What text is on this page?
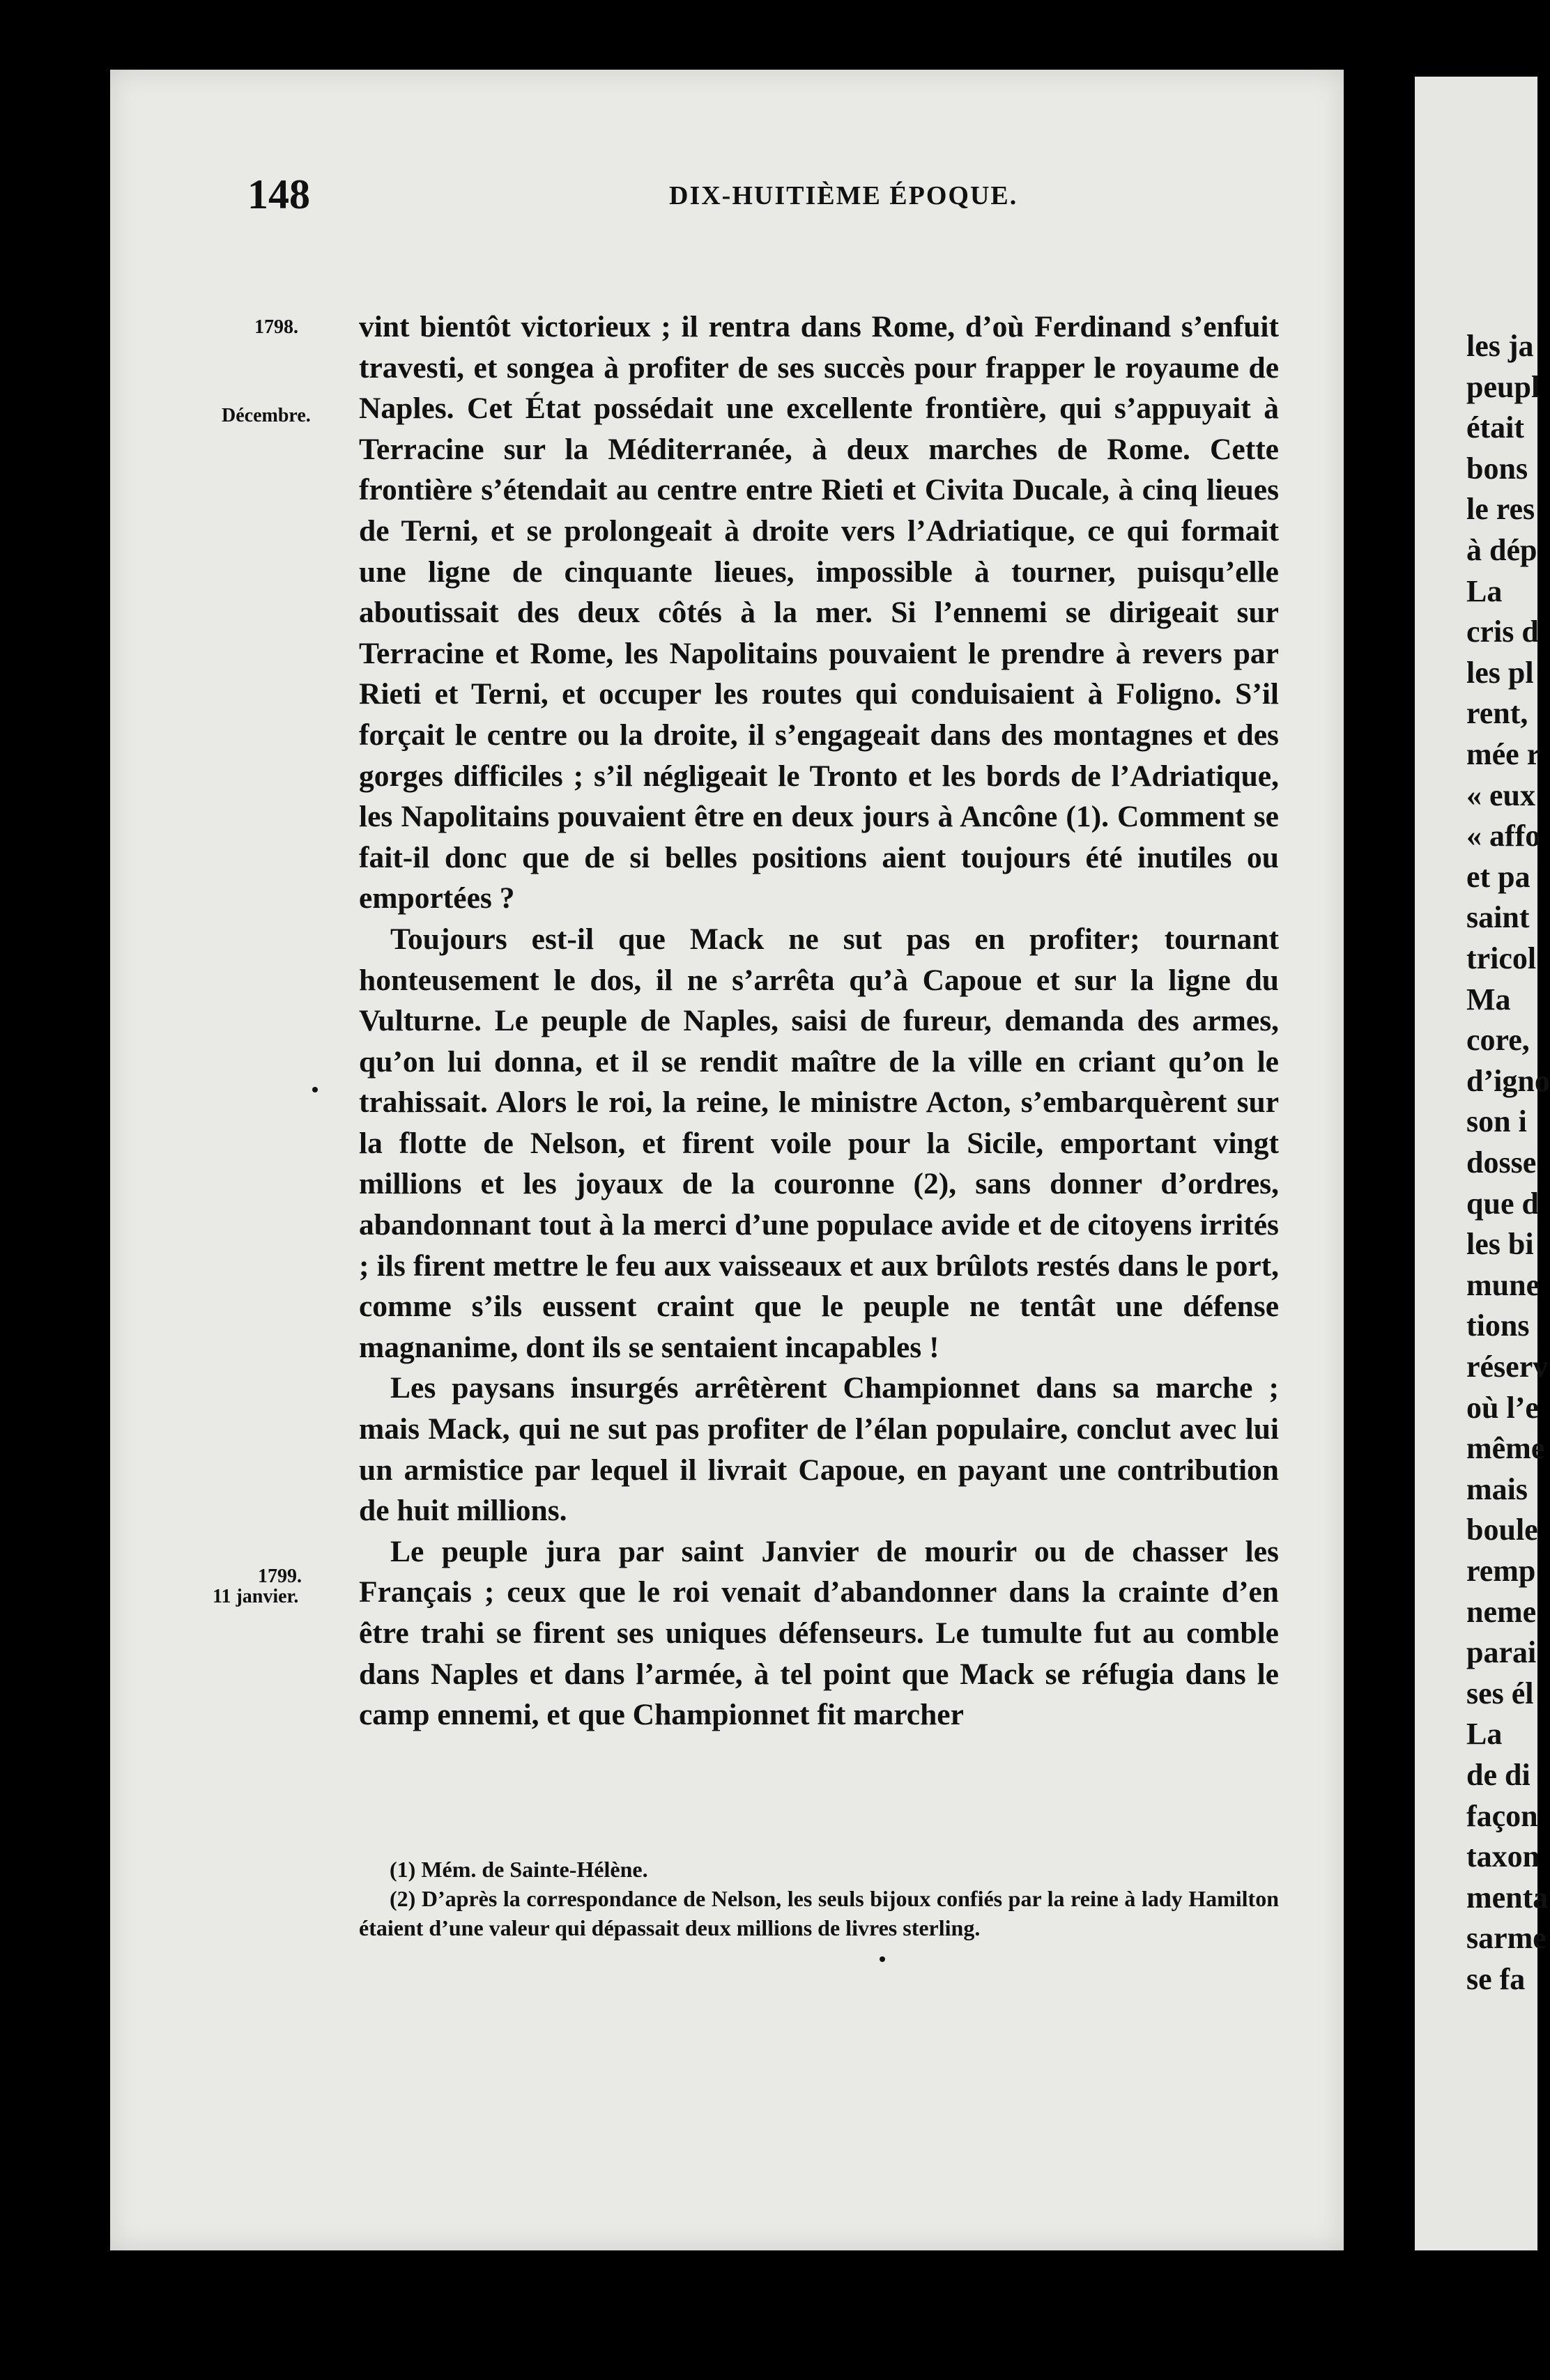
les ja
peupl
était
bons
le res
à dép
La
cris d
les pl
rent,
mée r
« eux
« affo
et pa
saint
tricol
Ma
core,
d’igno
son i
dosse
que d
les bi
mune
tions
réserv
où l’e
même
mais
boule
remp
neme
parai
ses él
La
de di
façon
taxon
menta
sarme
se fa
148	DIX-HUITIÈME ÉPOQUE.
1798.
Décembre.
1799.
11 janvier.

vint bientôt victorieux ; il rentra dans Rome, d’où Ferdinand s’enfuit travesti, et songea à profiter de ses succès pour frapper le royaume de Naples. Cet État possédait une excellente frontière, qui s’appuyait à Terracine sur la Méditerranée, à deux marches de Rome. Cette frontière s’étendait au centre entre Rieti et Civita Ducale, à cinq lieues de Terni, et se prolongeait à droite vers l’Adriatique, ce qui formait une ligne de cinquante lieues, impossible à tourner, puisqu’elle aboutissait des deux côtés à la mer. Si l’ennemi se dirigeait sur Terracine et Rome, les Napolitains pouvaient le prendre à revers par Rieti et Terni, et occuper les routes qui conduisaient à Foligno. S’il forçait le centre ou la droite, il s’engageait dans des montagnes et des gorges difficiles ; s’il négligeait le Tronto et les bords de l’Adriatique, les Napolitains pouvaient être en deux jours à Ancône (1). Comment se fait-il donc que de si belles positions aient toujours été inutiles ou emportées ?

Toujours est-il que Mack ne sut pas en profiter; tournant honteusement le dos, il ne s’arrêta qu’à Capoue et sur la ligne du Vulturne. Le peuple de Naples, saisi de fureur, demanda des armes, qu’on lui donna, et il se rendit maître de la ville en criant qu’on le trahissait. Alors le roi, la reine, le ministre Acton, s’embarquèrent sur la flotte de Nelson, et firent voile pour la Sicile, emportant vingt millions et les joyaux de la couronne (2), sans donner d’ordres, abandonnant tout à la merci d’une populace avide et de citoyens irrités ; ils firent mettre le feu aux vaisseaux et aux brûlots restés dans le port, comme s’ils eussent craint que le peuple ne tentât une défense magnanime, dont ils se sentaient incapables !

Les paysans insurgés arrêtèrent Championnet dans sa marche ; mais Mack, qui ne sut pas profiter de l’élan populaire, conclut avec lui un armistice par lequel il livrait Capoue, en payant une contribution de huit millions.

Le peuple jura par saint Janvier de mourir ou de chasser les Français ; ceux que le roi venait d’abandonner dans la crainte d’en être trahi se firent ses uniques défenseurs. Le tumulte fut au comble dans Naples et dans l’armée, à tel point que Mack se réfugia dans le camp ennemi, et que Championnet fit marcher

(1) Mém. de Sainte-Hélène.

(2) D’après la correspondance de Nelson, les seuls bijoux confiés par la reine à lady Hamilton étaient d’une valeur qui dépassait deux millions de livres sterling.
